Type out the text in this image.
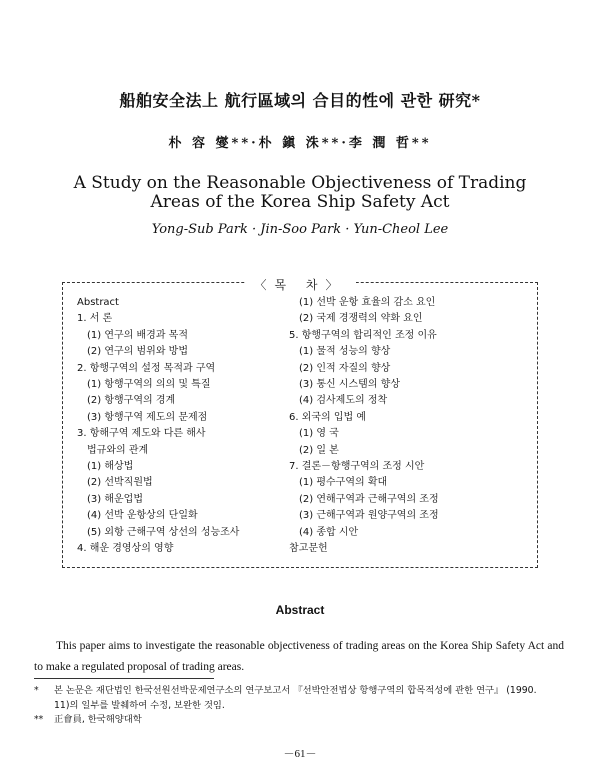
船舶安全法上 航行區域의 合目的性에 관한 研究*
朴 容 燮**·朴 鎭 洙**·李 潤 哲**
A Study on the Reasonable Objectiveness of Trading
Areas of the Korea Ship Safety Act
Yong-Sub Park · Jin-Soo Park · Yun-Cheol Lee
〈목 차〉
Abstract
1. 서 론
(1) 연구의 배경과 목적
(2) 연구의 범위와 방법
2. 항행구역의 설정 목적과 구역
(1) 항행구역의 의의 및 특질
(2) 항행구역의 경계
(3) 항행구역 제도의 문제점
3. 항해구역 제도와 다른 해사
법규와의 관계
(1) 해상법
(2) 선박직원법
(3) 해운업법
(4) 선박 운항상의 단일화
(5) 외항 근해구역 상선의 성능조사
4. 해운 경영상의 영향
(1) 선박 운항 효율의 감소 요인
(2) 국제 경쟁력의 약화 요인
5. 항행구역의 합리적인 조정 이유
(1) 물적 성능의 향상
(2) 인적 자질의 향상
(3) 통신 시스템의 향상
(4) 검사제도의 정착
6. 외국의 입법 예
(1) 영 국
(2) 일 본
7. 결론－항행구역의 조정 시안
(1) 평수구역의 확대
(2) 연해구역과 근해구역의 조정
(3) 근해구역과 원양구역의 조정
(4) 종합 시안
참고문헌
Abstract
This paper aims to investigate the reasonable objectiveness of trading areas on the Korea Ship Safety Act and to make a regulated proposal of trading areas.
*	본 논문은 재단법인 한국선원선박문제연구소의 연구보고서 『선박안전법상 항행구역의 합목적성에 관한 연구』 (1990. 11)의 일부를 발췌하여 수정, 보완한 것임.
**	正會員, 한국해양대학
－61－
